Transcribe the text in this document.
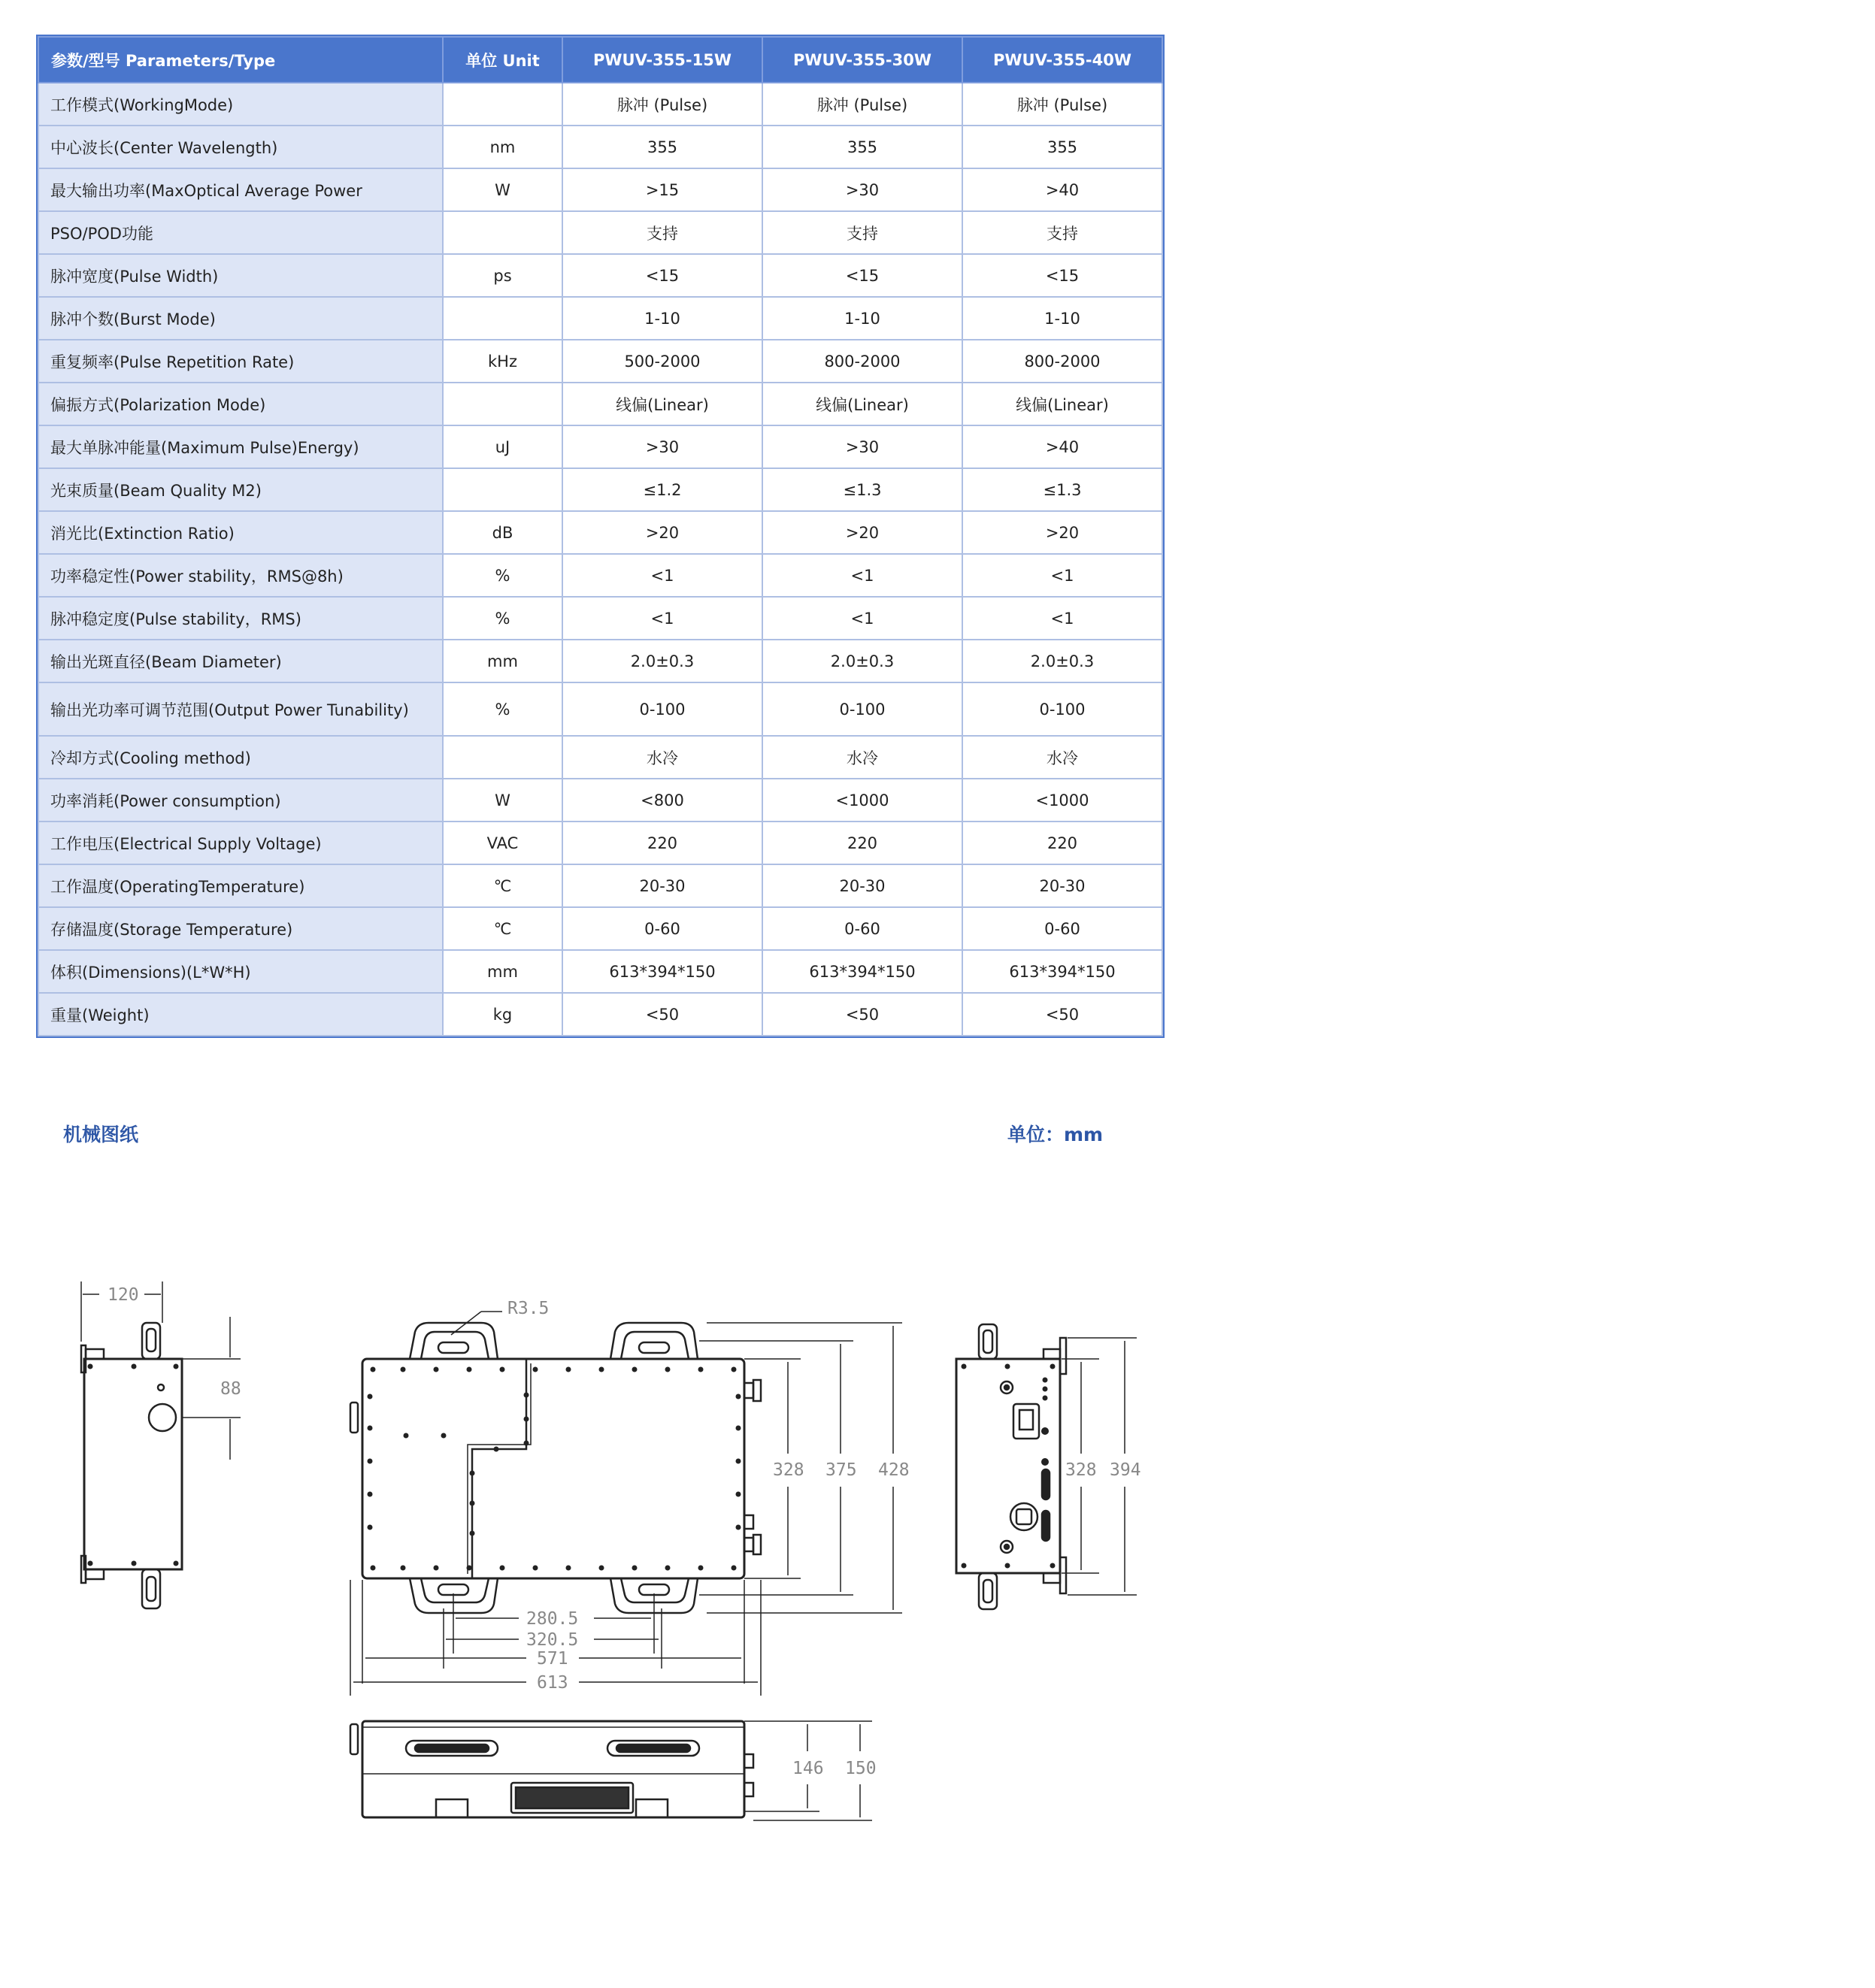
参数/型号 Parameters/Type	单位 Unit	PWUV-355-15W	PWUV-355-30W	PWUV-355-40W
工作模式(WorkingMode)		脉冲 (Pulse)	脉冲 (Pulse)	脉冲 (Pulse)
中心波长(Center Wavelength)	nm	355	355	355
最大输出功率(MaxOptical Average Power	W	>15	>30	>40
PSO/POD功能		支持	支持	支持
脉冲宽度(Pulse Width)	ps	<15	<15	<15
脉冲个数(Burst Mode)		1-10	1-10	1-10
重复频率(Pulse Repetition Rate)	kHz	500-2000	800-2000	800-2000
偏振方式(Polarization Mode)		线偏(Linear)	线偏(Linear)	线偏(Linear)
最大单脉冲能量(Maximum Pulse)Energy)	uJ	>30	>30	>40
光束质量(Beam Quality M2)		≤1.2	≤1.3	≤1.3
消光比(Extinction Ratio)	dB	>20	>20	>20
功率稳定性(Power stability，RMS@8h)	%	<1	<1	<1
脉冲稳定度(Pulse stability，RMS)	%	<1	<1	<1
输出光斑直径(Beam Diameter)	mm	2.0±0.3	2.0±0.3	2.0±0.3
输出光功率可调节范围(Output Power Tunability)	%	0-100	0-100	0-100
冷却方式(Cooling method)		水冷	水冷	水冷
功率消耗(Power consumption)	W	<800	<1000	<1000
工作电压(Electrical Supply Voltage)	VAC	220	220	220
工作温度(OperatingTemperature)	℃	20-30	20-30	20-30
存储温度(Storage Temperature)	℃	0-60	0-60	0-60
体积(Dimensions)(L*W*H)	mm	613*394*150	613*394*150	613*394*150
重量(Weight)	kg	<50	<50	<50
机械图纸	单位：mm
120
88
R3.5
328 375 428
280.5
320.5
571
613
328 394
146 150
